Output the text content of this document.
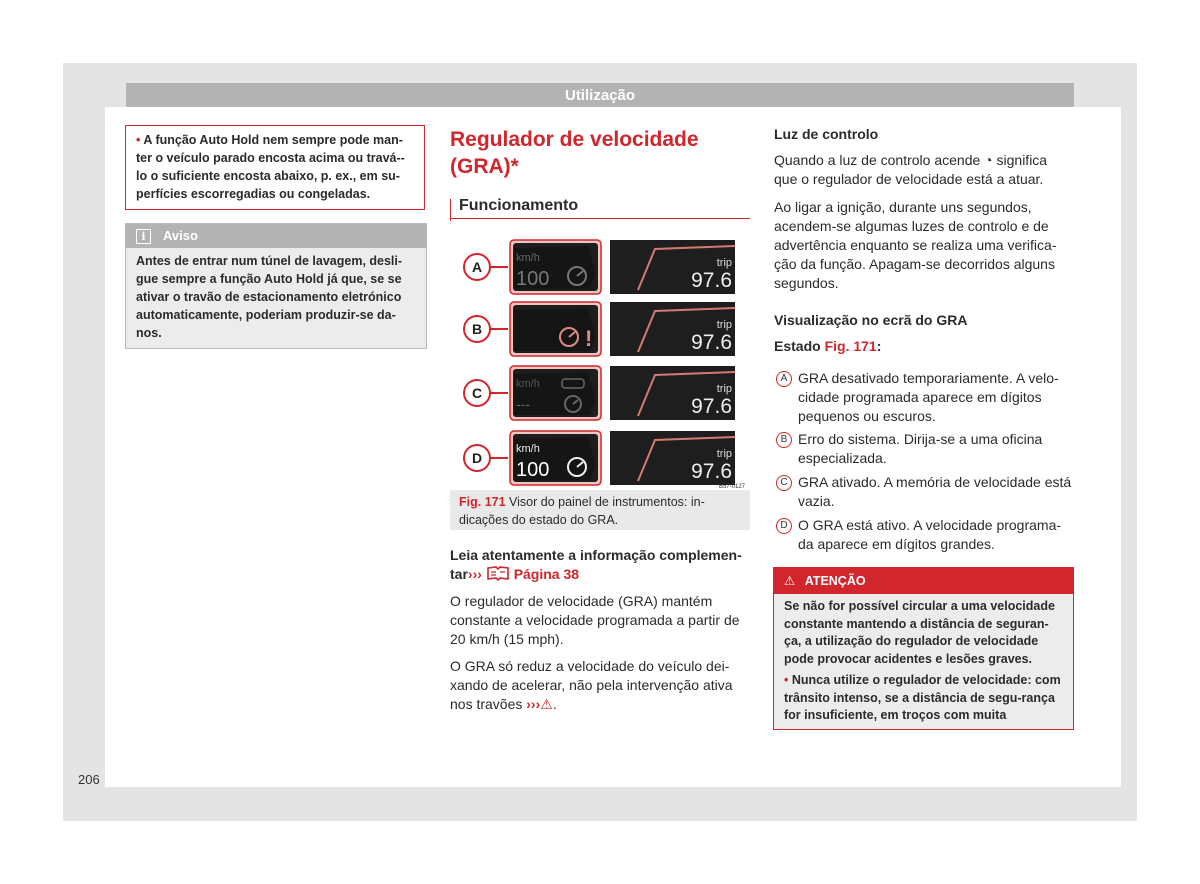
Utilização
• A função Auto Hold nem sempre pode man-ter o veículo parado encosta acima ou travá--lo o suficiente encosta abaixo, p. ex., em su-perfícies escorregadias ou congeladas.
i	Aviso
Antes de entrar num túnel de lavagem, desli-gue sempre a função Auto Hold já que, se se ativar o travão de estacionamento eletrónico automaticamente, poderiam produzir-se da-nos.
Regulador de velocidade
(GRA)*
Funcionamento
A
km/h
100
trip
97.6
B	!
trip
97.6
C
km/h
---
trip
97.6
D
km/h
100
trip
97.6
B57-0127
Fig. 171 Visor do painel de instrumentos: in-dicações do estado do GRA.
Leia atentamente a informação complemen-
tar››› Página 38
O regulador de velocidade (GRA) mantém constante a velocidade programada a partir de 20 km/h (15 mph).
O GRA só reduz a velocidade do veículo dei-xando de acelerar, não pela intervenção ativa nos travões ›››⚠.
Luz de controlo
Quando a luz de controlo acende ◔ significa que o regulador de velocidade está a atuar.
Ao ligar a ignição, durante uns segundos, acendem-se algumas luzes de controlo e de advertência enquanto se realiza uma verifica-ção da função. Apagam-se decorridos alguns segundos.
Visualização no ecrã do GRA
Estado Fig. 171:
A GRA desativado temporariamente. A velo-cidade programada aparece em dígitos pequenos ou escuros.
B Erro do sistema. Dirija-se a uma oficina especializada.
C GRA ativado. A memória de velocidade está vazia.
D O GRA está ativo. A velocidade programa-da aparece em dígitos grandes.
⚠ ATENÇÃO
Se não for possível circular a uma velocidade constante mantendo a distância de seguran-ça, a utilização do regulador de velocidade pode provocar acidentes e lesões graves.
• Nunca utilize o regulador de velocidade: com trânsito intenso, se a distância de segu-rança for insuficiente, em troços com muita
206
